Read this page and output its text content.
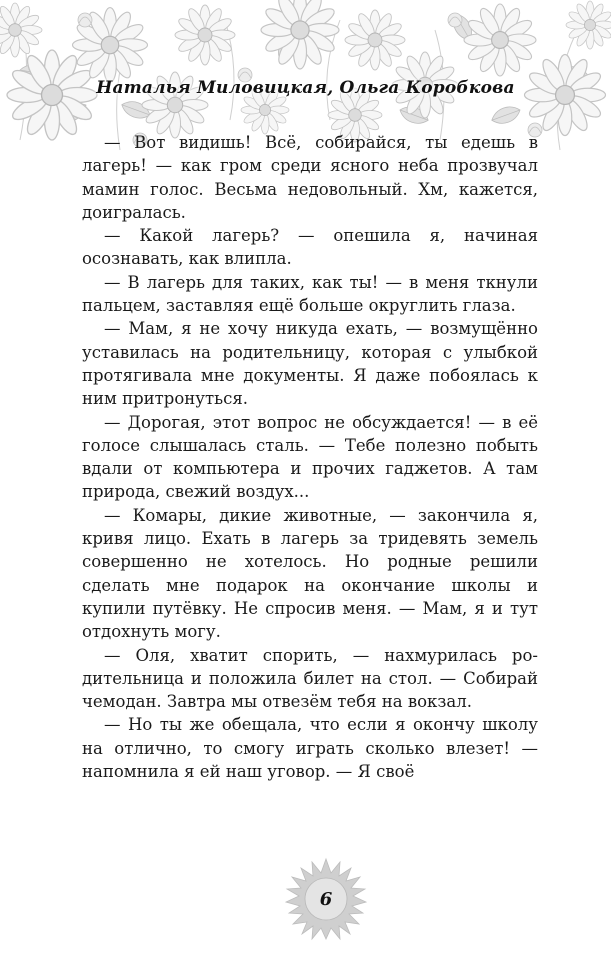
Наталья Миловицкая, Ольга Коробкова

— Вот видишь! Всё, собирайся, ты едешь в лагерь! — как гром среди ясного неба прозвучал мамин голос. Весьма недовольный. Хм, кажется, доигралась.

— Какой лагерь? — опешила я, начиная осознавать, как влипла.

— В лагерь для таких, как ты! — в меня ткнули пальцем, заставляя ещё больше округлить глаза.

— Мам, я не хочу никуда ехать, — возмущённо уставилась на родительницу, которая с улыбкой протягивала мне документы. Я даже побоялась к ним притронуться.

— Дорогая, этот вопрос не обсуждается! — в её голосе слышалась сталь. — Тебе полезно побыть вдали от компьютера и прочих гаджетов. А там природа, свежий воздух...

— Комары, дикие животные, — закончила я, кривя лицо. Ехать в лагерь за тридевять земель совершенно не хотелось. Но родные решили сделать мне подарок на окончание школы и купили путёвку. Не спросив меня. — Мам, я и тут отдохнуть могу.

— Оля, хватит спорить, — нахмурилась родительница и положила билет на стол. — Собирай чемодан. Завтра мы отвезём тебя на вокзал.

— Но ты же обещала, что если я окончу школу на отлично, то смогу играть сколько влезет! — напомнила я ей наш уговор. — Я своё

6
